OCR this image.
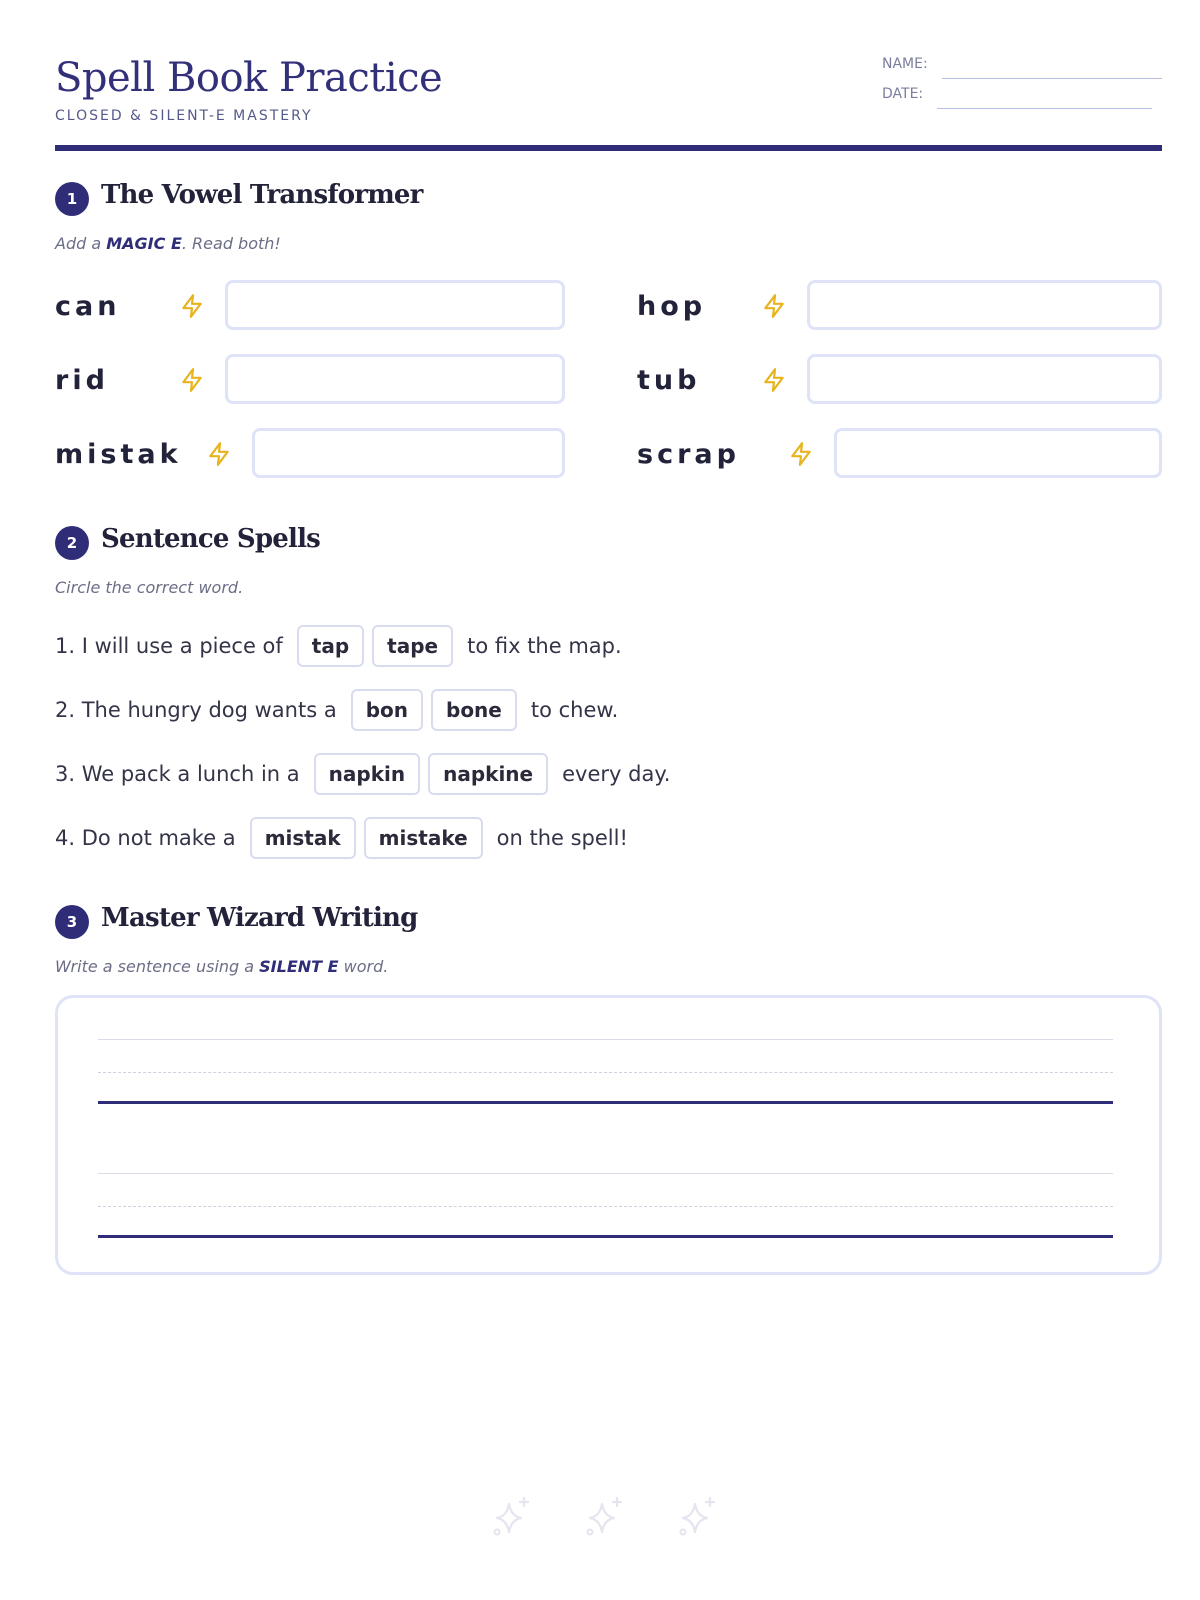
Spell Book Practice
CLOSED & SILENT-E MASTERY
NAME:
DATE:
1 The Vowel Transformer
Add a MAGIC E. Read both!
can	hop
rid	tub
mistak	scrap
2 Sentence Spells
Circle the correct word.
1. I will use a piece of	tap	tape	to fix the map.
2. The hungry dog wants a	bon	bone	to chew.
3. We pack a lunch in a	napkin	napkine	every day.
4. Do not make a	mistak	mistake	on the spell!
3 Master Wizard Writing
Write a sentence using a SILENT E word.
